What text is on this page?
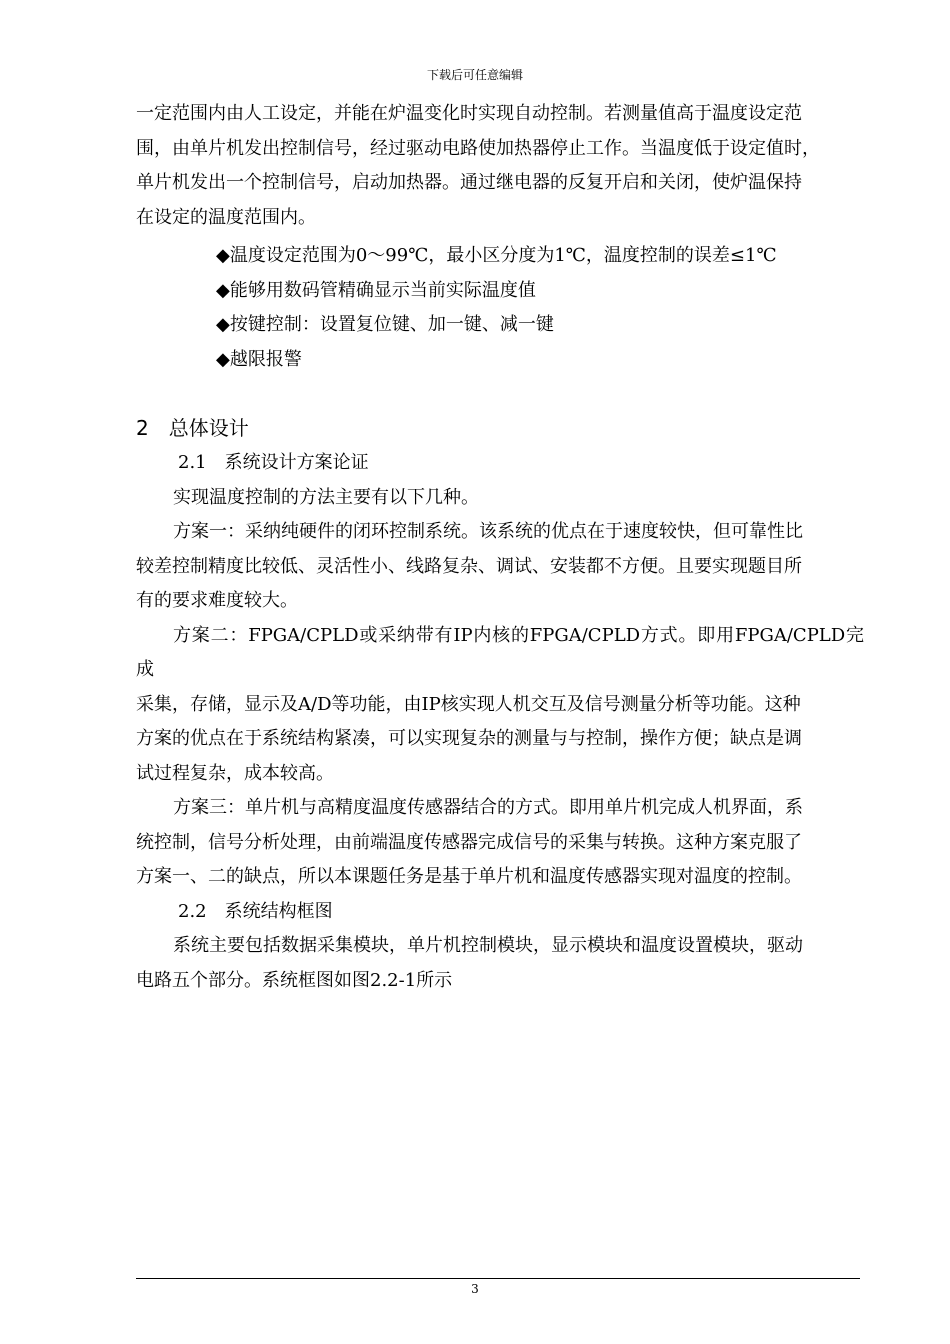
下载后可任意编辑

一定范围内由人工设定，并能在炉温变化时实现自动控制。若测量值高于温度设定范

围，由单片机发出控制信号，经过驱动电路使加热器停止工作。当温度低于设定值时，

单片机发出一个控制信号，启动加热器。通过继电器的反复开启和关闭，使炉温保持

在设定的温度范围内。

◆温度设定范围为0～99℃，最小区分度为1℃，温度控制的误差≤1℃

◆能够用数码管精确显示当前实际温度值

◆按键控制：设置复位键、加一键、减一键

◆越限报警

2　总体设计

2.1　系统设计方案论证

实现温度控制的方法主要有以下几种。

方案一：采纳纯硬件的闭环控制系统。该系统的优点在于速度较快，但可靠性比

较差控制精度比较低、灵活性小、线路复杂、调试、安装都不方便。且要实现题目所

有的要求难度较大。

方案二：FPGA/CPLD或采纳带有IP内核的FPGA/CPLD方式。即用FPGA/CPLD完成

采集，存储，显示及A/D等功能，由IP核实现人机交互及信号测量分析等功能。这种

方案的优点在于系统结构紧凑，可以实现复杂的测量与与控制，操作方便；缺点是调

试过程复杂，成本较高。

方案三：单片机与高精度温度传感器结合的方式。即用单片机完成人机界面，系

统控制，信号分析处理，由前端温度传感器完成信号的采集与转换。这种方案克服了

方案一、二的缺点，所以本课题任务是基于单片机和温度传感器实现对温度的控制。

2.2　系统结构框图

系统主要包括数据采集模块，单片机控制模块，显示模块和温度设置模块，驱动

电路五个部分。系统框图如图2.2-1所示

3
